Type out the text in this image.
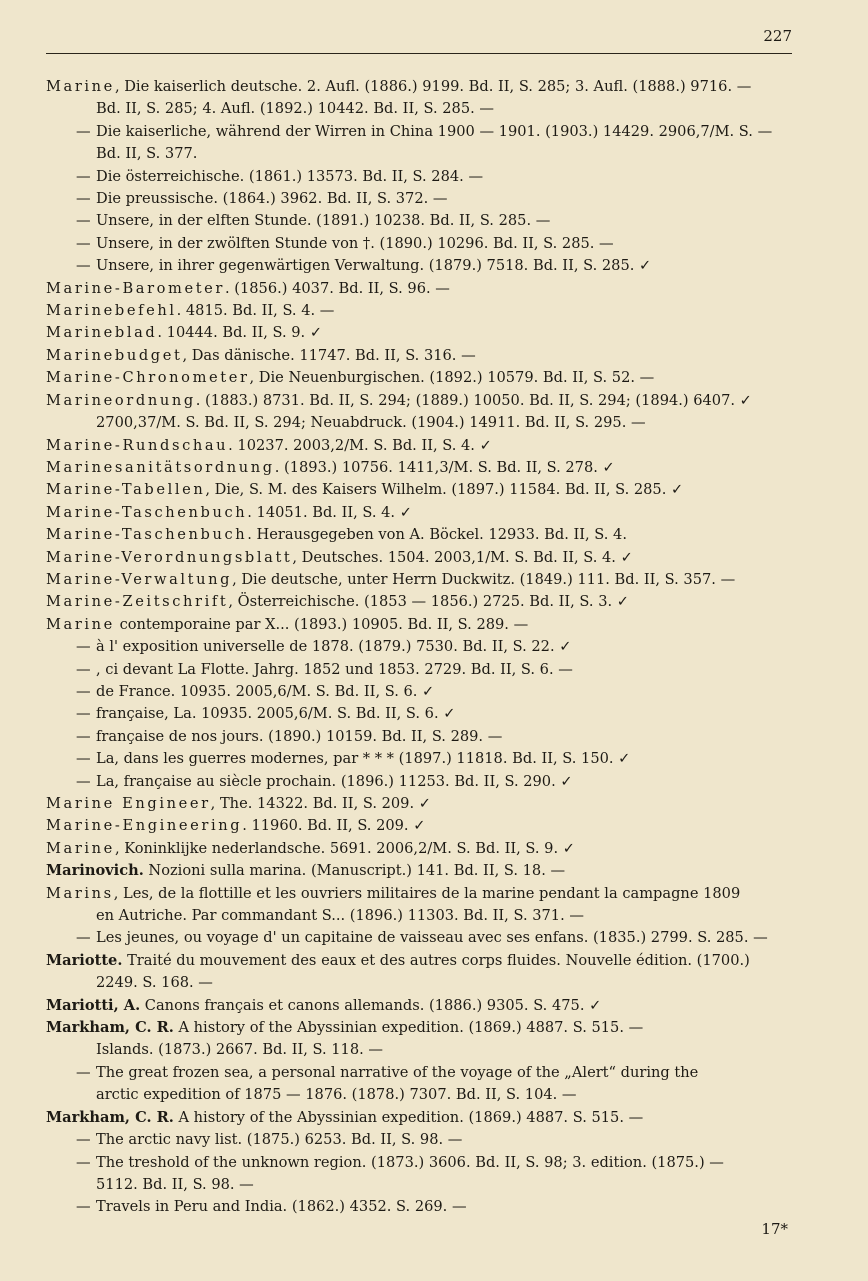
227
Marine, Die kaiserlich deutsche. 2. Aufl. (1886.) 9199. Bd. II, S. 285; 3. Aufl. (1888.) 9716. —
Bd. II, S. 285; 4. Aufl. (1892.) 10442. Bd. II, S. 285. —
— Die kaiserliche, während der Wirren in China 1900 — 1901. (1903.) 14429. 2906,7/M. S. —
Bd. II, S. 377.
— Die österreichische. (1861.) 13573. Bd. II, S. 284. —
— Die preussische. (1864.) 3962. Bd. II, S. 372. —
— Unsere, in der elften Stunde. (1891.) 10238. Bd. II, S. 285. —
— Unsere, in der zwölften Stunde von †. (1890.) 10296. Bd. II, S. 285. —
— Unsere, in ihrer gegenwärtigen Verwaltung. (1879.) 7518. Bd. II, S. 285. ✓
Marine-Barometer. (1856.) 4037. Bd. II, S. 96. —
Marinebefehl. 4815. Bd. II, S. 4. —
Marineblad. 10444. Bd. II, S. 9. ✓
Marinebudget, Das dänische. 11747. Bd. II, S. 316. —
Marine-Chronometer, Die Neuenburgischen. (1892.) 10579. Bd. II, S. 52. —
Marineordnung. (1883.) 8731. Bd. II, S. 294; (1889.) 10050. Bd. II, S. 294; (1894.) 6407. ✓
2700,37/M. S. Bd. II, S. 294; Neuabdruck. (1904.) 14911. Bd. II, S. 295. —
Marine-Rundschau. 10237. 2003,2/M. S. Bd. II, S. 4. ✓
Marinesanitätsordnung. (1893.) 10756. 1411,3/M. S. Bd. II, S. 278. ✓
Marine-Tabellen, Die, S. M. des Kaisers Wilhelm. (1897.) 11584. Bd. II, S. 285. ✓
Marine-Taschenbuch. 14051. Bd. II, S. 4. ✓
Marine-Taschenbuch. Herausgegeben von A. Böckel. 12933. Bd. II, S. 4.
Marine-Verordnungsblatt, Deutsches. 1504. 2003,1/M. S. Bd. II, S. 4. ✓
Marine-Verwaltung, Die deutsche, unter Herrn Duckwitz. (1849.) 111. Bd. II, S. 357. —
Marine-Zeitschrift, Österreichische. (1853 — 1856.) 2725. Bd. II, S. 3. ✓
Marine contemporaine par X... (1893.) 10905. Bd. II, S. 289. —
— à l' exposition universelle de 1878. (1879.) 7530. Bd. II, S. 22. ✓
— , ci devant La Flotte. Jahrg. 1852 und 1853. 2729. Bd. II, S. 6. —
— de France. 10935. 2005,6/M. S. Bd. II, S. 6. ✓
— française, La. 10935. 2005,6/M. S. Bd. II, S. 6. ✓
— française de nos jours. (1890.) 10159. Bd. II, S. 289. —
— La, dans les guerres modernes, par * * * (1897.) 11818. Bd. II, S. 150. ✓
— La, française au siècle prochain. (1896.) 11253. Bd. II, S. 290. ✓
Marine Engineer, The. 14322. Bd. II, S. 209. ✓
Marine-Engineering. 11960. Bd. II, S. 209. ✓
Marine, Koninklijke nederlandsche. 5691. 2006,2/M. S. Bd. II, S. 9. ✓
Marinovich. Nozioni sulla marina. (Manuscript.) 141. Bd. II, S. 18. —
Marins, Les, de la flottille et les ouvriers militaires de la marine pendant la campagne 1809
en Autriche. Par commandant S... (1896.) 11303. Bd. II, S. 371. —
— Les jeunes, ou voyage d' un capitaine de vaisseau avec ses enfans. (1835.) 2799. S. 285. —
Mariotte. Traité du mouvement des eaux et des autres corps fluides. Nouvelle édition. (1700.)
2249. S. 168. —
Mariotti, A. Canons français et canons allemands. (1886.) 9305. S. 475. ✓
Markham, C. R. A history of the Abyssinian expedition. (1869.) 4887. S. 515. —
Islands. (1873.) 2667. Bd. II, S. 118. —
— The great frozen sea, a personal narrative of the voyage of the „Alert“ during the
arctic expedition of 1875 — 1876. (1878.) 7307. Bd. II, S. 104. —
Markham, C. R. A history of the Abyssinian expedition. (1869.) 4887. S. 515. —
— The arctic navy list. (1875.) 6253. Bd. II, S. 98. —
— The treshold of the unknown region. (1873.) 3606. Bd. II, S. 98; 3. edition. (1875.) —
5112. Bd. II, S. 98. —
— Travels in Peru and India. (1862.) 4352. S. 269. —
17*
